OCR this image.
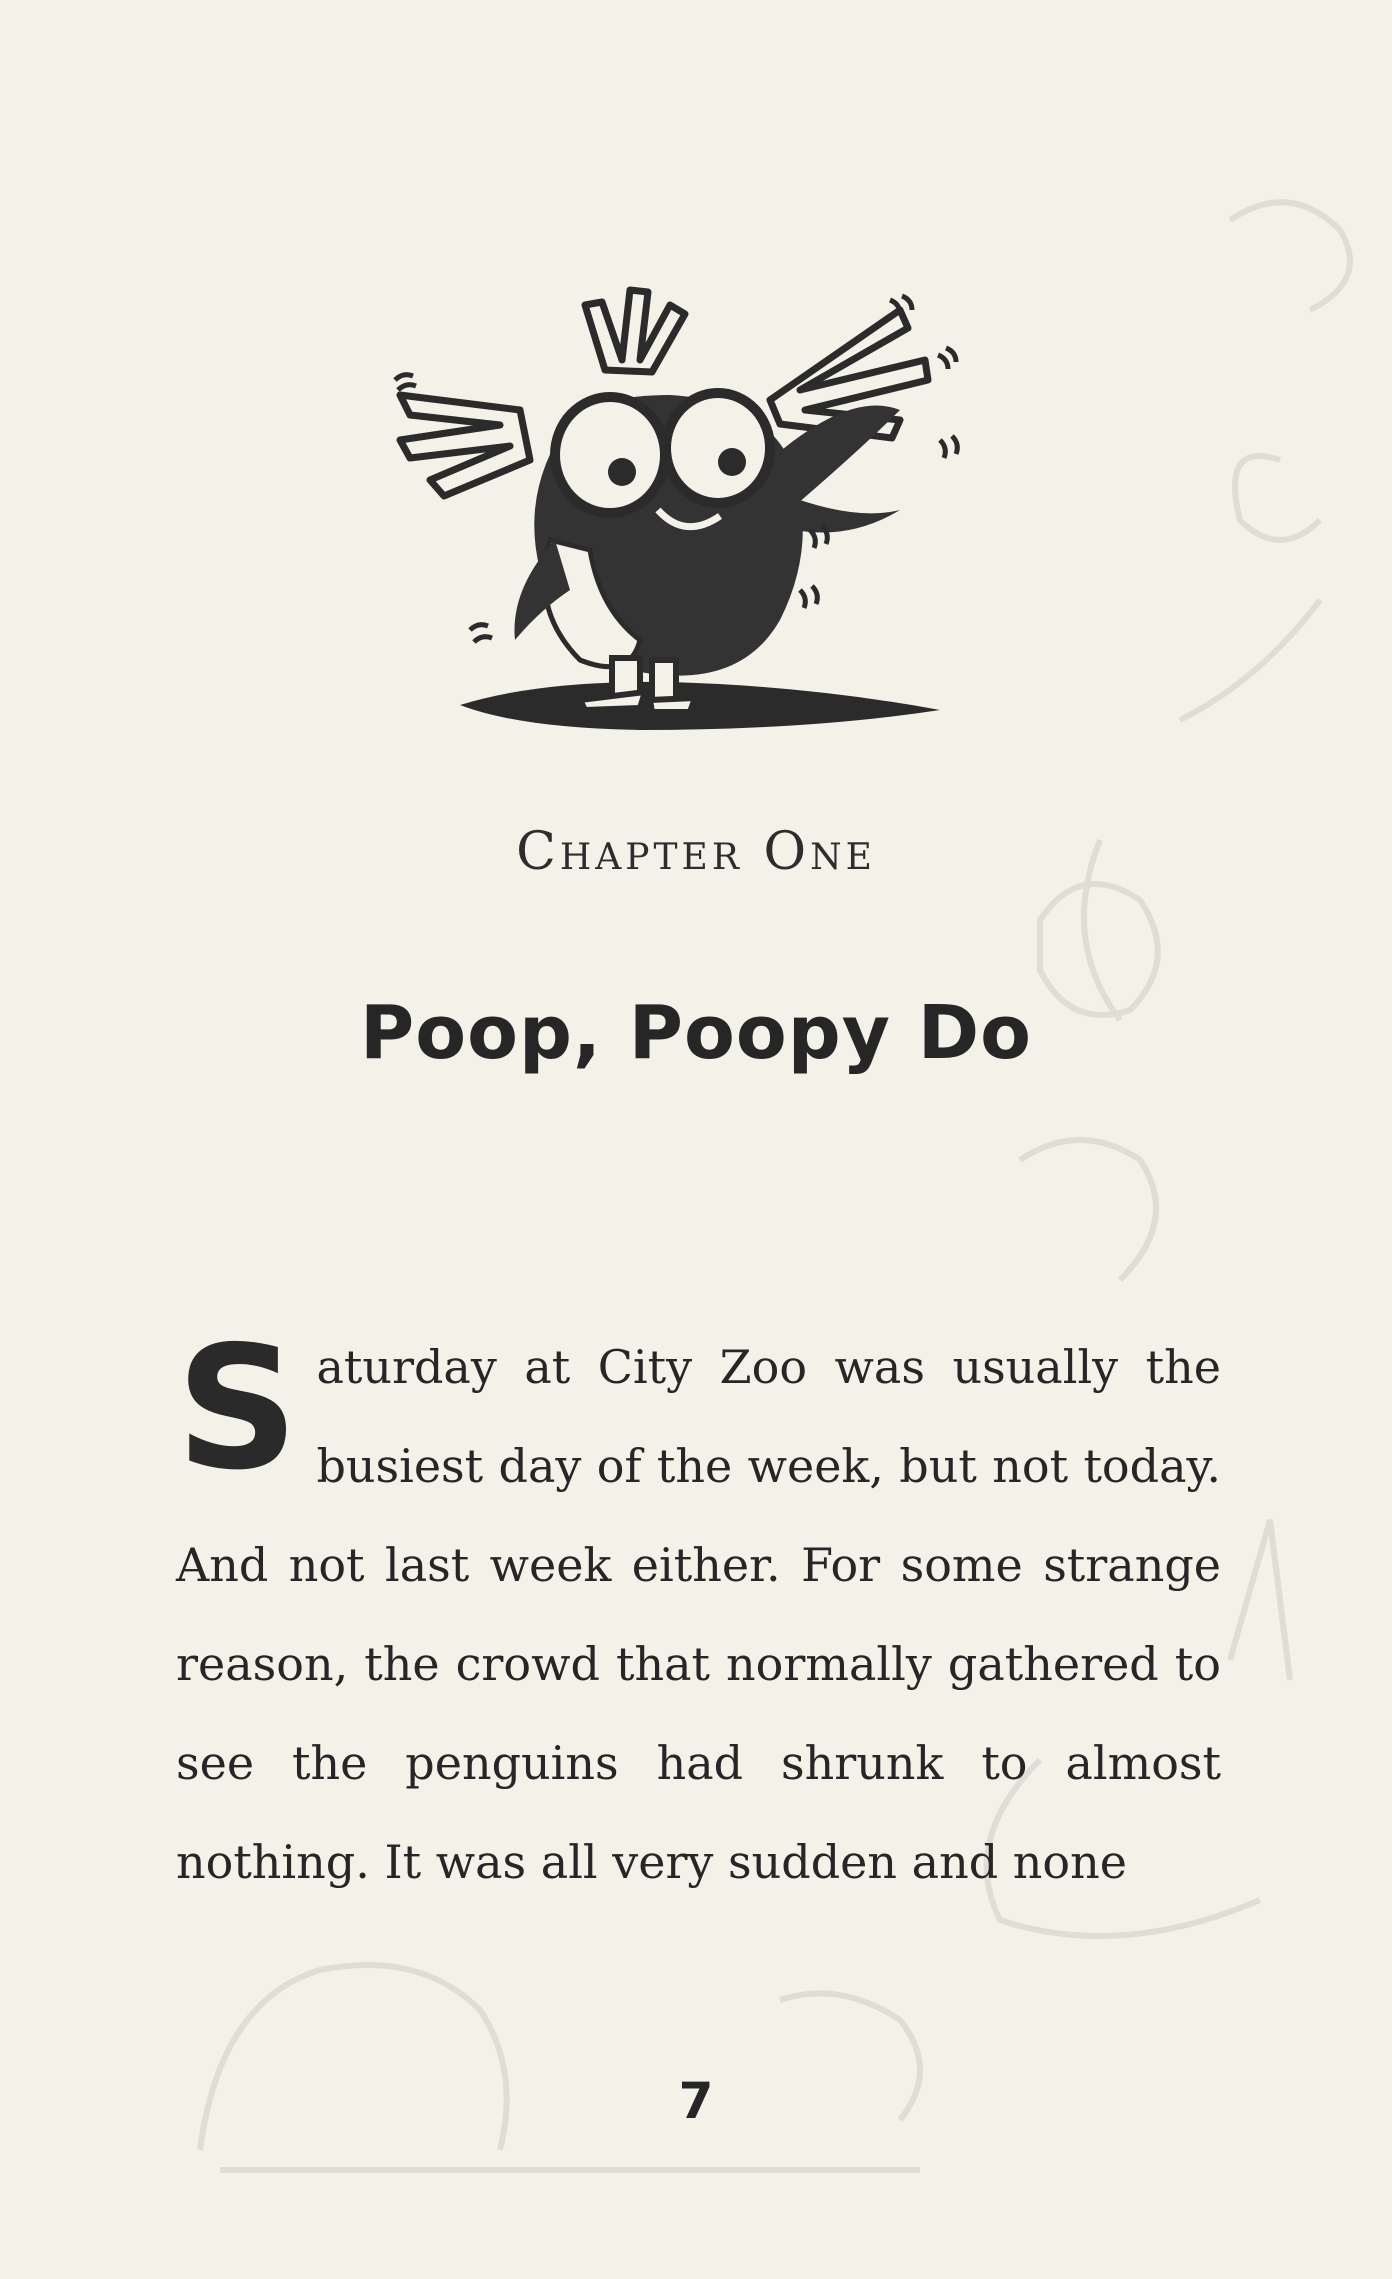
Chapter One
Poop, Poopy Do
Saturday at City Zoo was usually the busiest day of the week, but not today. And not last week either. For some strange reason, the crowd that normally gathered to see the penguins had shrunk to almost nothing. It was all very sudden and none
7
